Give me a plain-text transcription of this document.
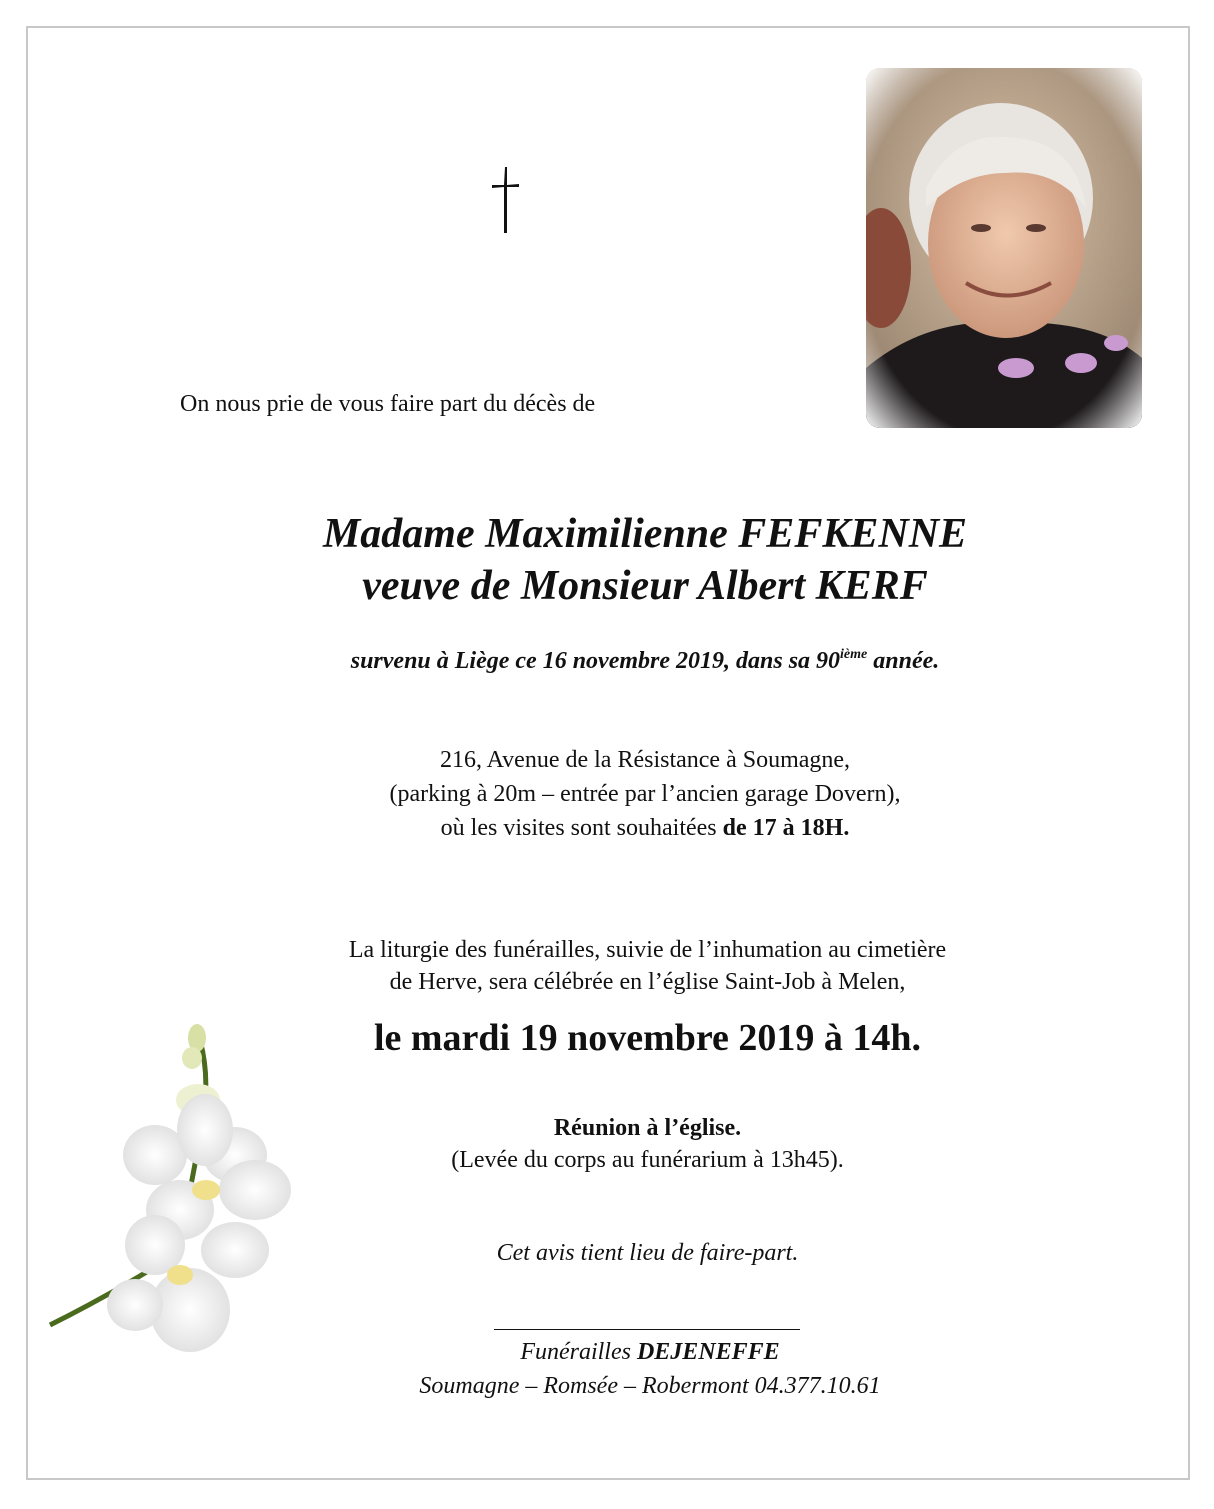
On nous prie de vous faire part du décès de
Madame Maximilienne FEFKENNE
veuve de Monsieur Albert KERF
survenu à Liège ce 16 novembre 2019, dans sa 90ième année.
216, Avenue de la Résistance à Soumagne,
(parking à 20m – entrée par l’ancien garage Dovern),
où les visites sont souhaitées de 17 à 18H.
La liturgie des funérailles, suivie de l’inhumation au cimetière
de Herve, sera célébrée en l’église Saint-Job à Melen,
le mardi 19 novembre 2019 à 14h.
Réunion à l’église.
(Levée du corps au funérarium à 13h45).
Cet avis tient lieu de faire-part.
Funérailles DEJENEFFE
Soumagne – Romsée – Robermont 04.377.10.61
